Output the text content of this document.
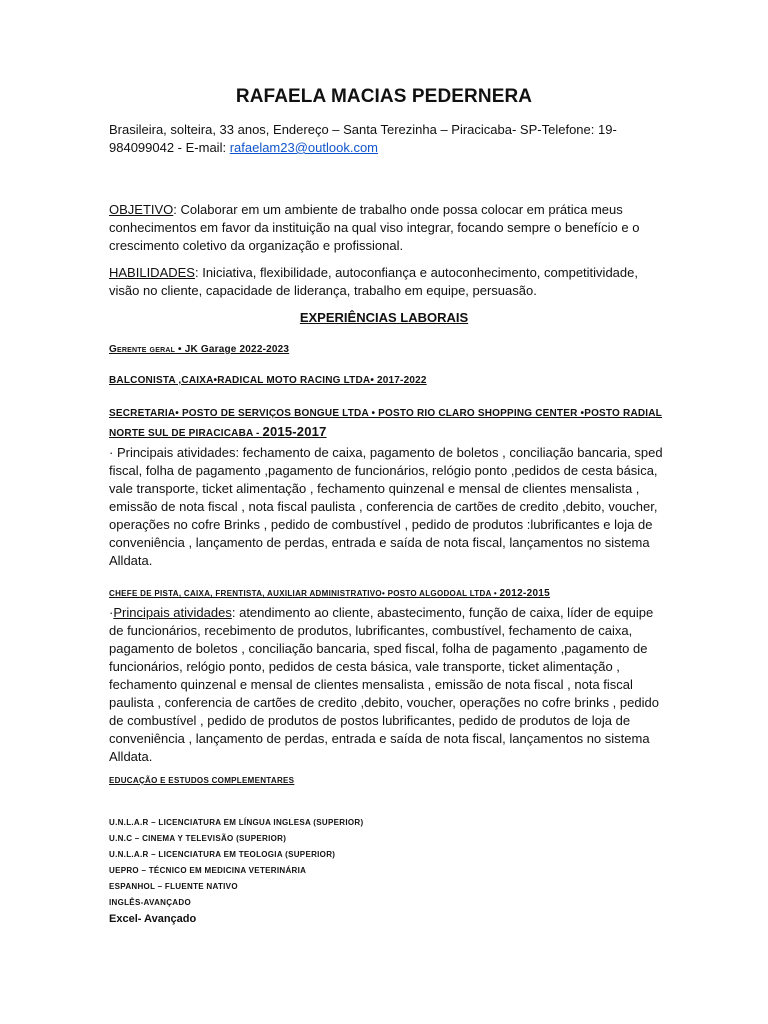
RAFAELA MACIAS PEDERNERA

Brasileira, solteira, 33 anos, Endereço – Santa Terezinha – Piracicaba- SP-Telefone: 19-984099042 - E-mail: rafaelam23@outlook.com

OBJETIVO: Colaborar em um ambiente de trabalho onde possa colocar em prática meus conhecimentos em favor da instituição na qual viso integrar, focando sempre o benefício e o crescimento coletivo da organização e profissional.

HABILIDADES: Iniciativa, flexibilidade, autoconfiança e autoconhecimento, competitividade, visão no cliente, capacidade de liderança, trabalho em equipe, persuasão.

EXPERIÊNCIAS LABORAIS

Gerente geral • JK Garage 2022-2023

BALCONISTA ,CAIXA•RADICAL MOTO RACING LTDA• 2017-2022

SECRETARIA• POSTO DE SERVIÇOS BONGUE LTDA • POSTO RIO CLARO SHOPPING CENTER •POSTO RADIAL NORTE SUL DE PIRACICABA - 2015-2017

· Principais atividades: fechamento de caixa, pagamento de boletos , conciliação bancaria, sped fiscal, folha de pagamento ,pagamento de funcionários, relógio ponto ,pedidos de cesta básica, vale transporte, ticket alimentação , fechamento quinzenal e mensal de clientes mensalista , emissão de nota fiscal , nota fiscal paulista , conferencia de cartões de credito ,debito, voucher, operações no cofre Brinks , pedido de combustível , pedido de produtos :lubrificantes e loja de conveniência , lançamento de perdas, entrada e saída de nota fiscal, lançamentos no sistema Alldata.

CHEFE DE PISTA, CAIXA, FRENTISTA, AUXILIAR ADMINISTRATIVO• POSTO ALGODOAL LTDA • 2012-2015

·Principais atividades: atendimento ao cliente, abastecimento, função de caixa, líder de equipe de funcionários, recebimento de produtos, lubrificantes, combustível, fechamento de caixa, pagamento de boletos , conciliação bancaria, sped fiscal, folha de pagamento ,pagamento de funcionários, relógio ponto, pedidos de cesta básica, vale transporte, ticket alimentação , fechamento quinzenal e mensal de clientes mensalista , emissão de nota fiscal , nota fiscal paulista , conferencia de cartões de credito ,debito, voucher, operações no cofre brinks , pedido de combustível , pedido de produtos de postos lubrificantes, pedido de produtos de loja de conveniência , lançamento de perdas, entrada e saída de nota fiscal, lançamentos no sistema Alldata.

EDUCAÇÃO E ESTUDOS COMPLEMENTARES

U.N.L.A.R – LICENCIATURA EM LÍNGUA INGLESA (SUPERIOR)
U.N.C – CINEMA Y TELEVISÃO (SUPERIOR)
U.N.L.A.R – LICENCIATURA EM TEOLOGIA (SUPERIOR)
UEPRO – TÉCNICO EM MEDICINA VETERINÁRIA
ESPANHOL – FLUENTE NATIVO
INGLÊS-AVANÇADO
Excel- Avançado
